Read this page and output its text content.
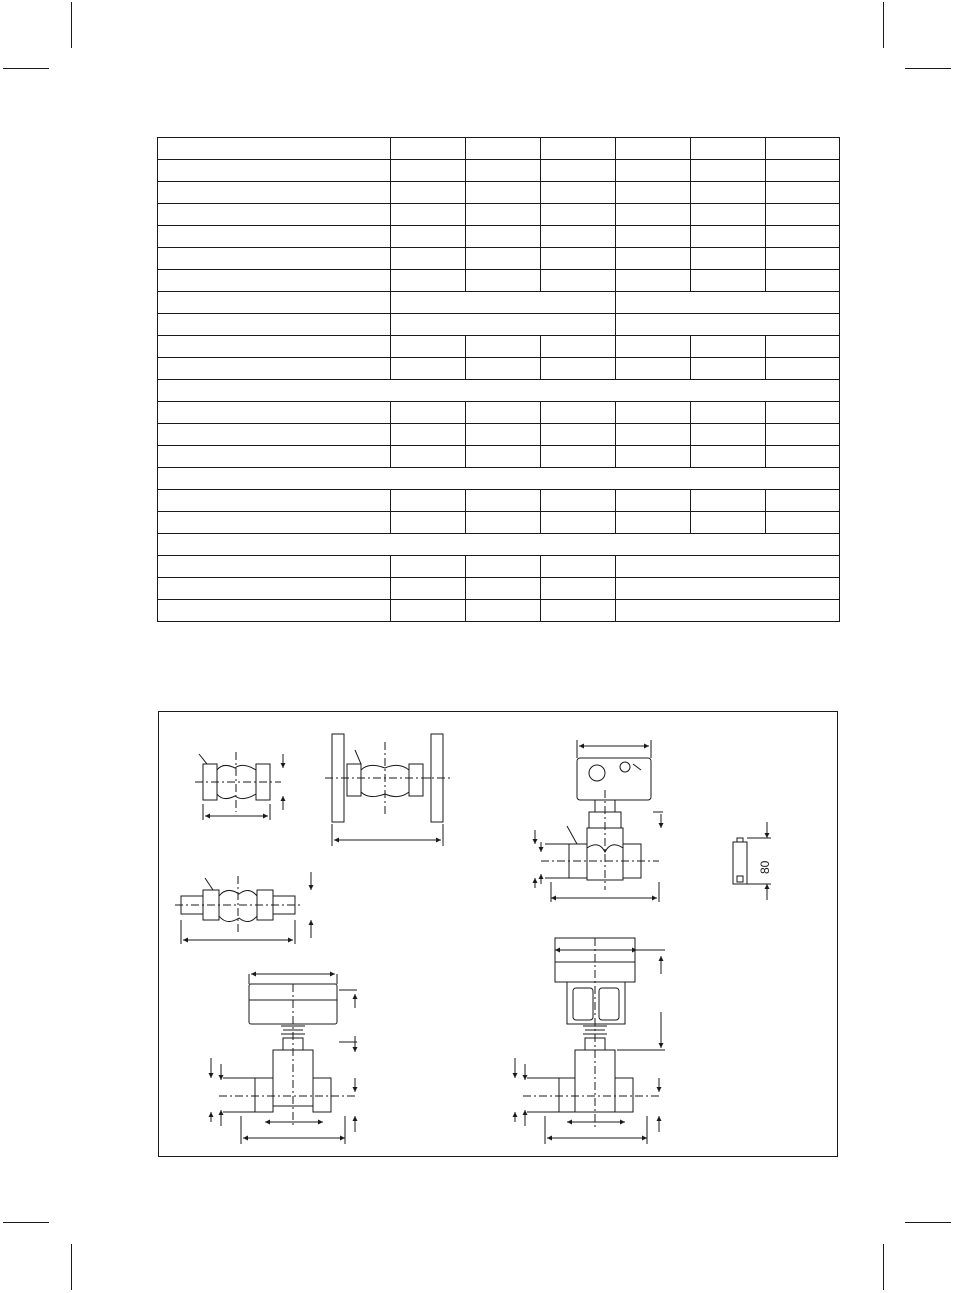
80
